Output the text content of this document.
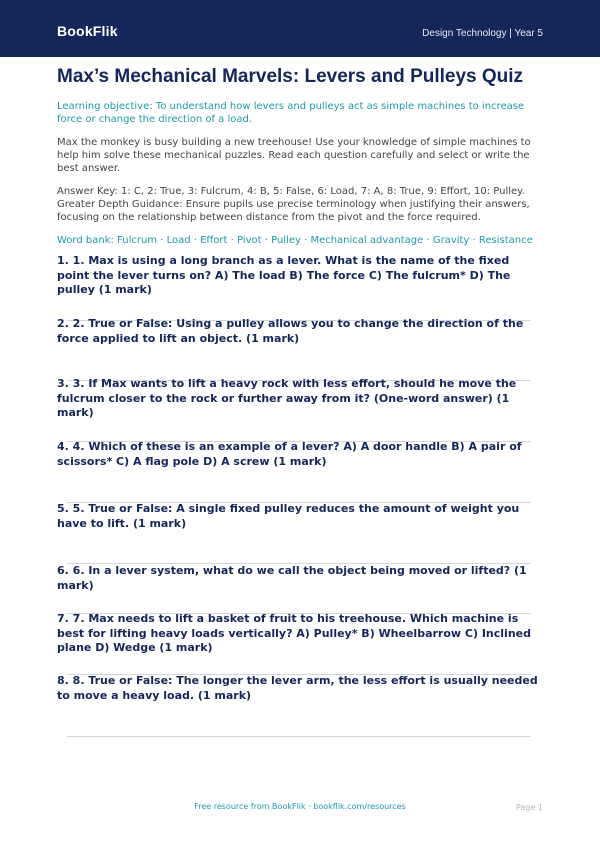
BookFlik	Design Technology | Year 5
Max’s Mechanical Marvels: Levers and Pulleys Quiz

Learning objective: To understand how levers and pulleys act as simple machines to increase force or change the direction of a load.

Max the monkey is busy building a new treehouse! Use your knowledge of simple machines to help him solve these mechanical puzzles. Read each question carefully and select or write the best answer.

Answer Key: 1: C, 2: True, 3: Fulcrum, 4: B, 5: False, 6: Load, 7: A, 8: True, 9: Effort, 10: Pulley. Greater Depth Guidance: Ensure pupils use precise terminology when justifying their answers, focusing on the relationship between distance from the pivot and the force required.

Word bank: Fulcrum · Load · Effort · Pivot · Pulley · Mechanical advantage · Gravity · Resistance

1. 1. Max is using a long branch as a lever. What is the name of the fixed point the lever turns on? A) The load B) The force C) The fulcrum* D) The pulley (1 mark)
2. 2. True or False: Using a pulley allows you to change the direction of the force applied to lift an object. (1 mark)
3. 3. If Max wants to lift a heavy rock with less effort, should he move the fulcrum closer to the rock or further away from it? (One-word answer) (1 mark)
4. 4. Which of these is an example of a lever? A) A door handle B) A pair of scissors* C) A flag pole D) A screw (1 mark)
5. 5. True or False: A single fixed pulley reduces the amount of weight you have to lift. (1 mark)
6. 6. In a lever system, what do we call the object being moved or lifted? (1 mark)
7. 7. Max needs to lift a basket of fruit to his treehouse. Which machine is best for lifting heavy loads vertically? A) Pulley* B) Wheelbarrow C) Inclined plane D) Wedge (1 mark)
8. 8. True or False: The longer the lever arm, the less effort is usually needed to move a heavy load. (1 mark)
Free resource from BookFlik · bookflik.com/resources	Page 1
